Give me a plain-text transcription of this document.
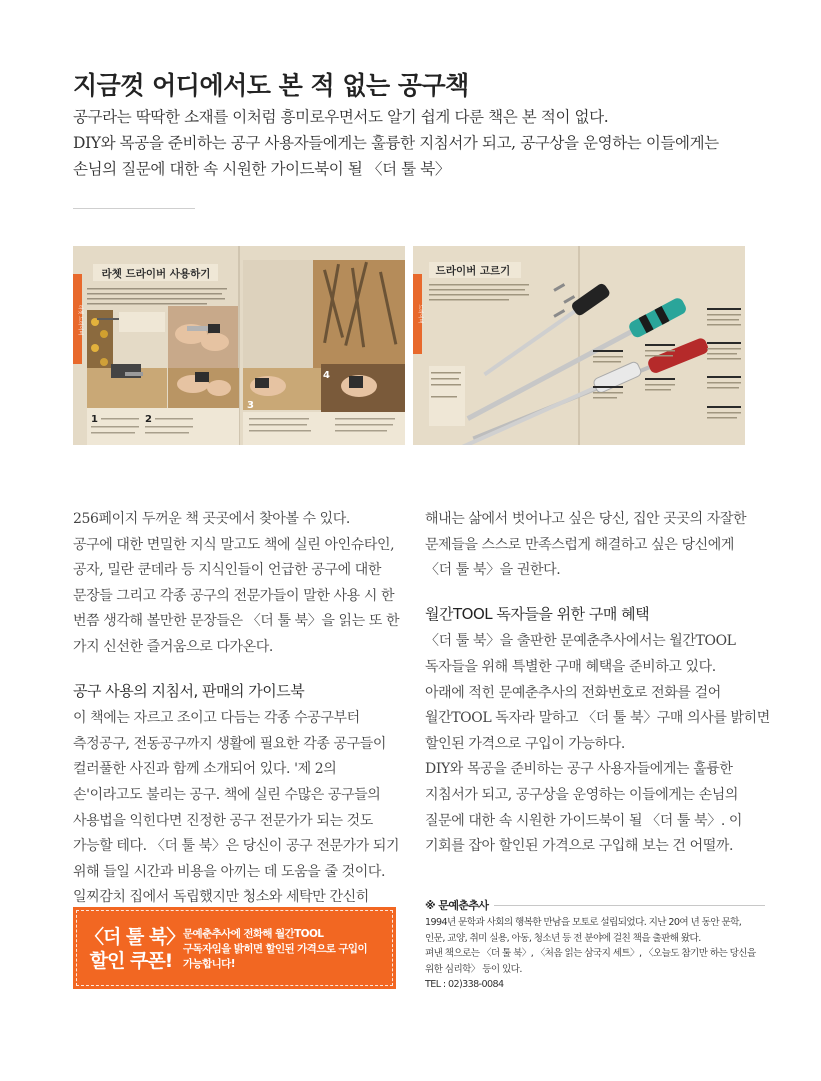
지금껏 어디에서도 본 적 없는 공구책
공구라는 딱딱한 소재를 이처럼 흥미로우면서도 알기 쉽게 다룬 책은 본 적이 없다.
DIY와 목공을 준비하는 공구 사용자들에게는 훌륭한 지침서가 되고, 공구상을 운영하는 이들에게는
손님의 질문에 대한 속 시원한 가이드북이 될 〈더 툴 북〉
라쳇 드라이버
라쳇 드라이버 사용하기
1	2
3
4
드라이버
드라이버 고르기
256페이지 두꺼운 책 곳곳에서 찾아볼 수 있다.
공구에 대한 면밀한 지식 말고도 책에 실린 아인슈타인,
공자, 밀란 쿤데라 등 지식인들이 언급한 공구에 대한
문장들 그리고 각종 공구의 전문가들이 말한 사용 시 한
번쯤 생각해 볼만한 문장들은 〈더 툴 북〉을 읽는 또 한
가지 신선한 즐거움으로 다가온다.
공구 사용의 지침서, 판매의 가이드북
이 책에는 자르고 조이고 다듬는 각종 수공구부터
측정공구, 전동공구까지 생활에 필요한 각종 공구들이
컬러풀한 사진과 함께 소개되어 있다. '제 2의
손'이라고도 불리는 공구. 책에 실린 수많은 공구들의
사용법을 익힌다면 진정한 공구 전문가가 되는 것도
가능할 테다. 〈더 툴 북〉은 당신이 공구 전문가가 되기
위해 들일 시간과 비용을 아끼는 데 도움을 줄 것이다.
일찌감치 집에서 독립했지만 청소와 세탁만 간신히
해내는 삶에서 벗어나고 싶은 당신, 집안 곳곳의 자잘한
문제들을 스스로 만족스럽게 해결하고 싶은 당신에게
〈더 툴 북〉을 권한다.
월간TOOL 독자들을 위한 구매 혜택
〈더 툴 북〉을 출판한 문예춘추사에서는 월간TOOL
독자들을 위해 특별한 구매 혜택을 준비하고 있다.
아래에 적힌 문예춘추사의 전화번호로 전화를 걸어
월간TOOL 독자라 말하고 〈더 툴 북〉구매 의사를 밝히면
할인된 가격으로 구입이 가능하다.
DIY와 목공을 준비하는 공구 사용자들에게는 훌륭한
지침서가 되고, 공구상을 운영하는 이들에게는 손님의
질문에 대한 속 시원한 가이드북이 될 〈더 툴 북〉. 이
기회를 잡아 할인된 가격으로 구입해 보는 건 어떨까.
〈더 툴 북〉
할인 쿠폰!
문예춘추사에 전화해 월간TOOL
구독자임을 밝히면 할인된 가격으로 구입이
가능합니다!
※ 문예춘추사
1994년 문학과 사회의 행복한 만남을 모토로 설립되었다. 지난 20여 년 동안 문학,
인문, 교양, 취미 실용, 아동, 청소년 등 전 분야에 걸친 책을 출판해 왔다.
펴낸 책으로는 〈더 툴 북〉, 〈처음 읽는 삼국지 세트〉, 〈오늘도 참기만 하는 당신을
위한 심리학〉 등이 있다.
TEL : 02)338-0084
